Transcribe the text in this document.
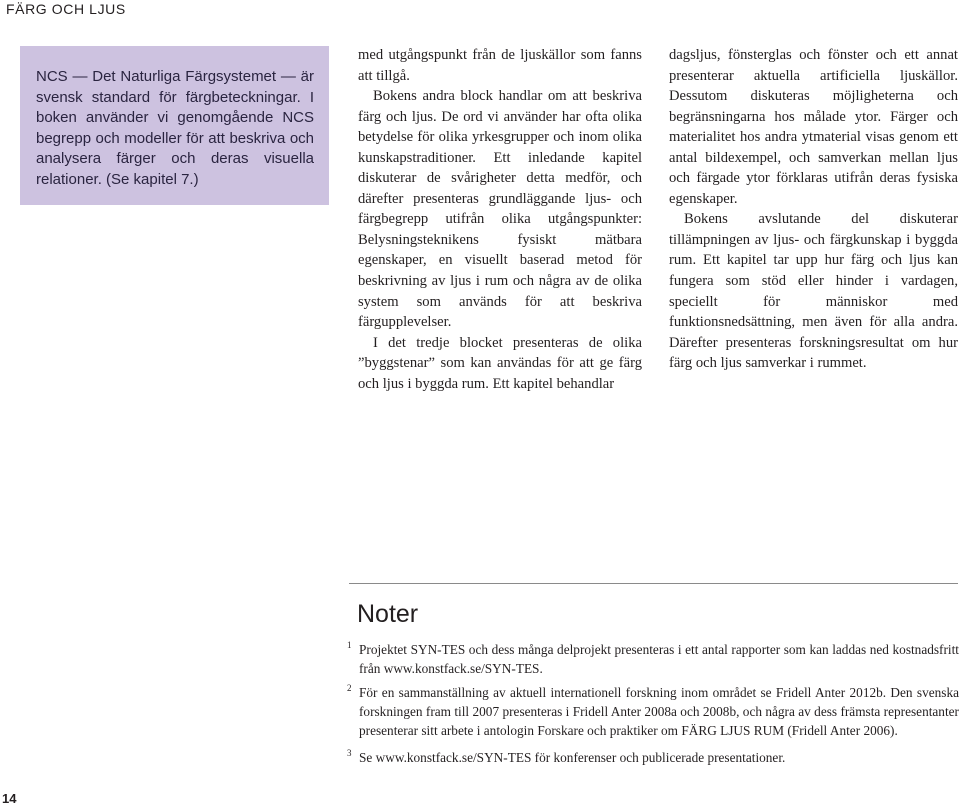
FÄRG OCH LJUS

NCS — Det Naturliga Färgsystemet — är svensk standard för färgbeteckningar. I boken använder vi genomgående NCS begrepp och modeller för att beskriva och analysera färger och deras visuella relationer. (Se kapitel 7.)

med utgångspunkt från de ljuskällor som fanns att tillgå.

Bokens andra block handlar om att beskriva färg och ljus. De ord vi använder har ofta olika betydelse för olika yrkesgrupper och inom olika kunskapstraditioner. Ett inledande kapitel diskuterar de svårigheter detta medför, och därefter presenteras grundläggande ljus- och färgbegrepp utifrån olika utgångspunkter: Belysningsteknikens fysiskt mätbara egenskaper, en visuellt baserad metod för beskrivning av ljus i rum och några av de olika system som används för att beskriva färgupplevelser.

I det tredje blocket presenteras de olika ”byggstenar” som kan användas för att ge färg och ljus i byggda rum. Ett kapitel behandlar

dagsljus, fönsterglas och fönster och ett annat presenterar aktuella artificiella ljuskällor. Dessutom diskuteras möjligheterna och begränsningarna hos målade ytor. Färger och materialitet hos andra ytmaterial visas genom ett antal bildexempel, och samverkan mellan ljus och färgade ytor förklaras utifrån deras fysiska egenskaper.

Bokens avslutande del diskuterar tillämpningen av ljus- och färgkunskap i byggda rum. Ett kapitel tar upp hur färg och ljus kan fungera som stöd eller hinder i vardagen, speciellt för människor med funktionsnedsättning, men även för alla andra. Därefter presenteras forskningsresultat om hur färg och ljus samverkar i rummet.

Noter
1 Projektet SYN-TES och dess många delprojekt presenteras i ett antal rapporter som kan laddas ned kostnadsfritt från www.konstfack.se/SYN-TES.
2 För en sammanställning av aktuell internationell forskning inom området se Fridell Anter 2012b. Den svenska forskningen fram till 2007 presenteras i Fridell Anter 2008a och 2008b, och några av dess främsta representanter presenterar sitt arbete i antologin Forskare och praktiker om FÄRG LJUS RUM (Fridell Anter 2006).
3 Se www.konstfack.se/SYN-TES för konferenser och publicerade presentationer.
14
